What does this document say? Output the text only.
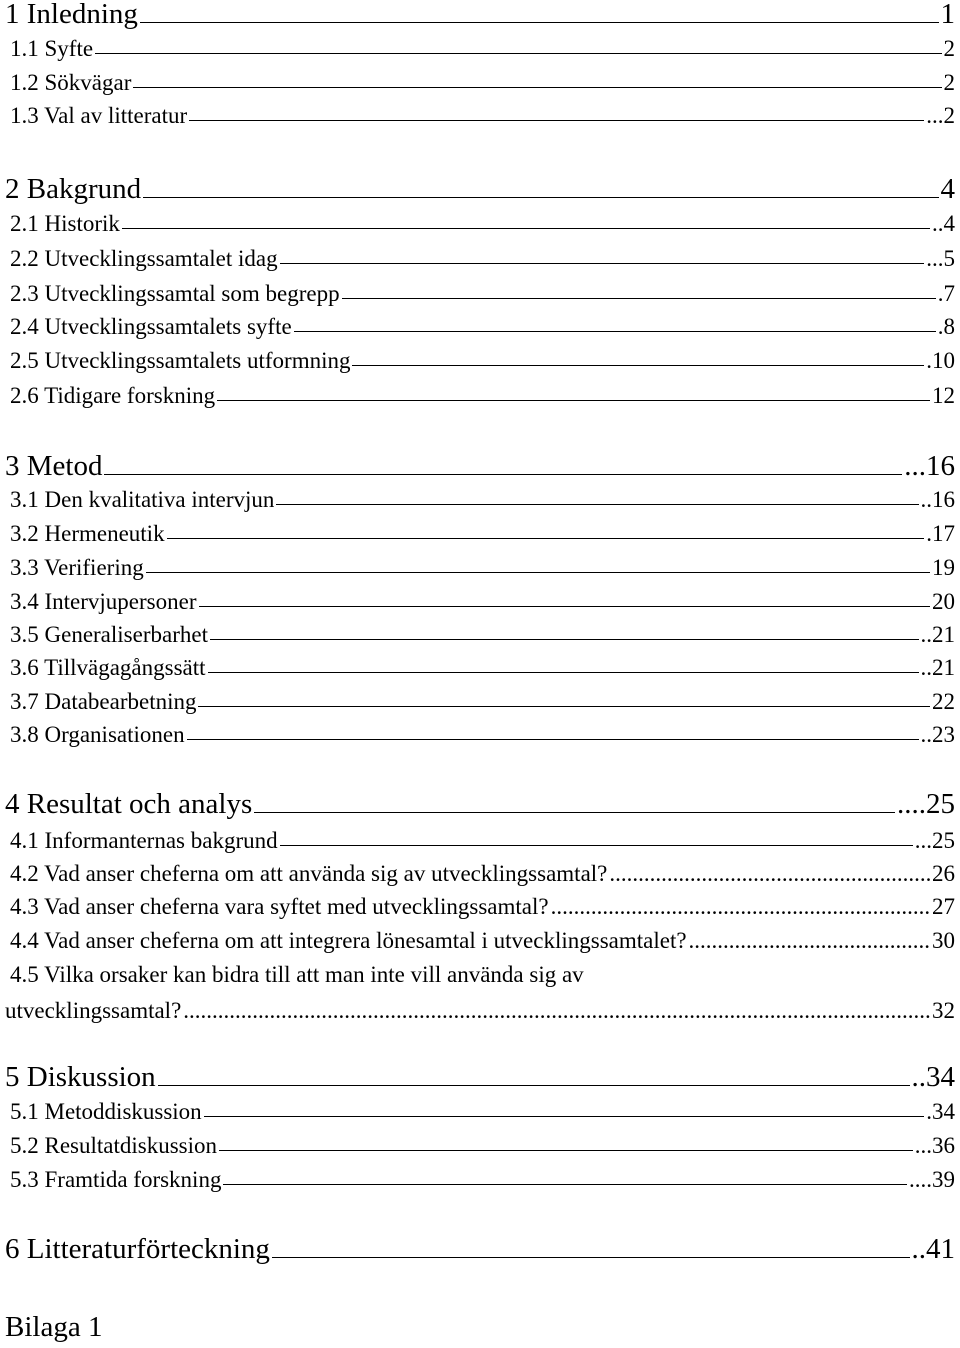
1 Inledning	1
1.1 Syfte	2
1.2 Sökvägar	2
1.3 Val av litteratur	...2
2 Bakgrund	4
2.1 Historik	..4
2.2 Utvecklingssamtalet idag	...5
2.3 Utvecklingssamtal som begrepp	.7
2.4 Utvecklingssamtalets syfte	.8
2.5 Utvecklingssamtalets utformning	.10
2.6 Tidigare forskning	12
3 Metod	...16
3.1 Den kvalitativa intervjun	..16
3.2 Hermeneutik	.17
3.3 Verifiering	19
3.4 Intervjupersoner	20
3.5 Generaliserbarhet	..21
3.6 Tillvägagångssätt	..21
3.7 Databearbetning	22
3.8 Organisationen	..23
4 Resultat och analys	....25
4.1 Informanternas bakgrund	...25
4.2 Vad anser cheferna om att använda sig av utvecklingssamtal? .....	26
4.3 Vad anser cheferna vara syftet med utvecklingssamtal? .....	27
4.4 Vad anser cheferna om att integrera lönesamtal i utvecklingssamtalet? .....	30
4.5 Vilka orsaker kan bidra till att man inte vill använda sig av
utvecklingssamtal? .....	32
5 Diskussion	..34
5.1 Metoddiskussion	.34
5.2 Resultatdiskussion	...36
5.3 Framtida forskning	....39
6 Litteraturförteckning	..41
Bilaga 1
